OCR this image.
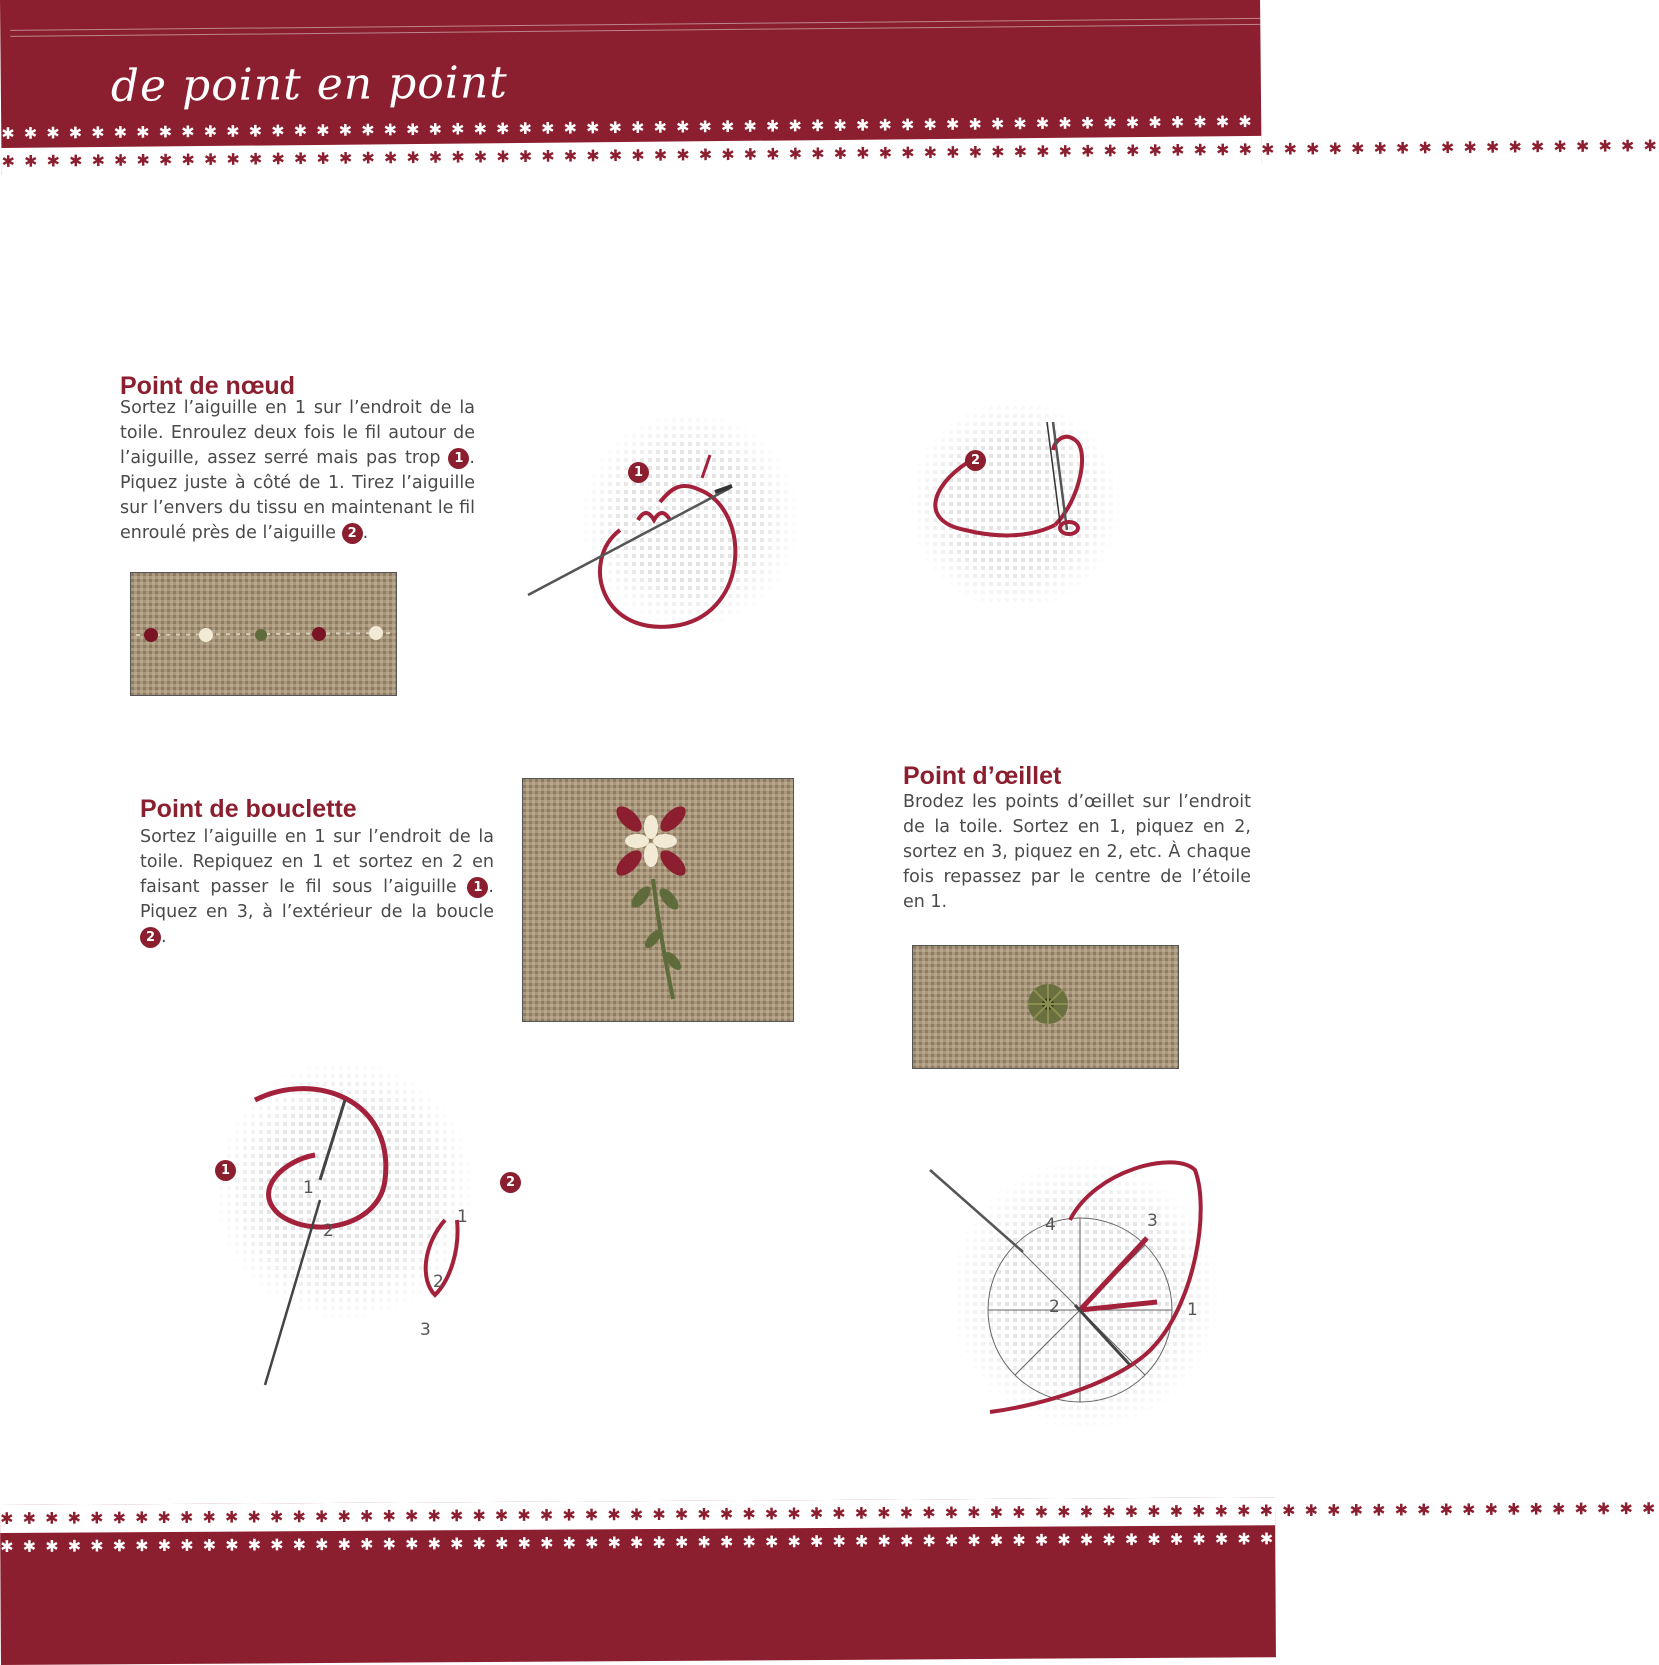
de point en point
✱ ✱ ✱ ✱ ✱ ✱ ✱ ✱ ✱ ✱ ✱ ✱ ✱ ✱ ✱ ✱ ✱ ✱ ✱ ✱ ✱ ✱ ✱ ✱ ✱ ✱ ✱ ✱ ✱ ✱ ✱ ✱ ✱ ✱ ✱ ✱ ✱ ✱ ✱ ✱ ✱ ✱ ✱ ✱ ✱ ✱ ✱ ✱ ✱ ✱ ✱ ✱ ✱ ✱ ✱ ✱ ✱ ✱ ✱ ✱ ✱ ✱ ✱ ✱ ✱ ✱ ✱ ✱ ✱ ✱ ✱ ✱ ✱ ✱
✱ ✱ ✱ ✱ ✱ ✱ ✱ ✱ ✱ ✱ ✱ ✱ ✱ ✱ ✱ ✱ ✱ ✱ ✱ ✱ ✱ ✱ ✱ ✱ ✱ ✱ ✱ ✱ ✱ ✱ ✱ ✱ ✱ ✱ ✱ ✱ ✱ ✱ ✱ ✱ ✱ ✱ ✱ ✱ ✱ ✱ ✱ ✱ ✱ ✱ ✱ ✱ ✱ ✱ ✱ ✱ ✱ ✱ ✱ ✱ ✱ ✱ ✱ ✱ ✱ ✱ ✱ ✱ ✱ ✱ ✱ ✱ ✱ ✱
Point de nœud

Sortez l’aiguille en 1 sur l’endroit de la toile. Enroulez deux fois le fil autour de l’aiguille, assez serré mais pas trop 1 . Piquez juste à côté de 1. Tirez l’aiguille sur l’envers du tissu en maintenant le fil enroulé près de l’aiguille 2 .

1
2
Point de bouclette

Sortez l’aiguille en 1 sur l’endroit de la toile. Repiquez en 1 et sortez en 2 en faisant passer le fil sous l’aiguille 1 . Piquez en 3, à l’extérieur de la boucle 2 .

1
2
1
2
3
1
2
Point d’œillet

Brodez les points d’œillet sur l’endroit de la toile. Sortez en 1, piquez en 2, sortez en 3, piquez en 2, etc. À chaque fois repassez par le centre de l’étoile en 1.

1
2
3
4
✱ ✱ ✱ ✱ ✱ ✱ ✱ ✱ ✱ ✱ ✱ ✱ ✱ ✱ ✱ ✱ ✱ ✱ ✱ ✱ ✱ ✱ ✱ ✱ ✱ ✱ ✱ ✱ ✱ ✱ ✱ ✱ ✱ ✱ ✱ ✱ ✱ ✱ ✱ ✱ ✱ ✱ ✱ ✱ ✱ ✱ ✱ ✱ ✱ ✱ ✱ ✱ ✱ ✱ ✱ ✱ ✱ ✱ ✱ ✱ ✱ ✱ ✱ ✱ ✱ ✱ ✱ ✱ ✱ ✱ ✱ ✱ ✱ ✱
✱ ✱ ✱ ✱ ✱ ✱ ✱ ✱ ✱ ✱ ✱ ✱ ✱ ✱ ✱ ✱ ✱ ✱ ✱ ✱ ✱ ✱ ✱ ✱ ✱ ✱ ✱ ✱ ✱ ✱ ✱ ✱ ✱ ✱ ✱ ✱ ✱ ✱ ✱ ✱ ✱ ✱ ✱ ✱ ✱ ✱ ✱ ✱ ✱ ✱ ✱ ✱ ✱ ✱ ✱ ✱ ✱ ✱ ✱ ✱ ✱ ✱ ✱ ✱ ✱ ✱ ✱ ✱ ✱ ✱ ✱ ✱ ✱ ✱
